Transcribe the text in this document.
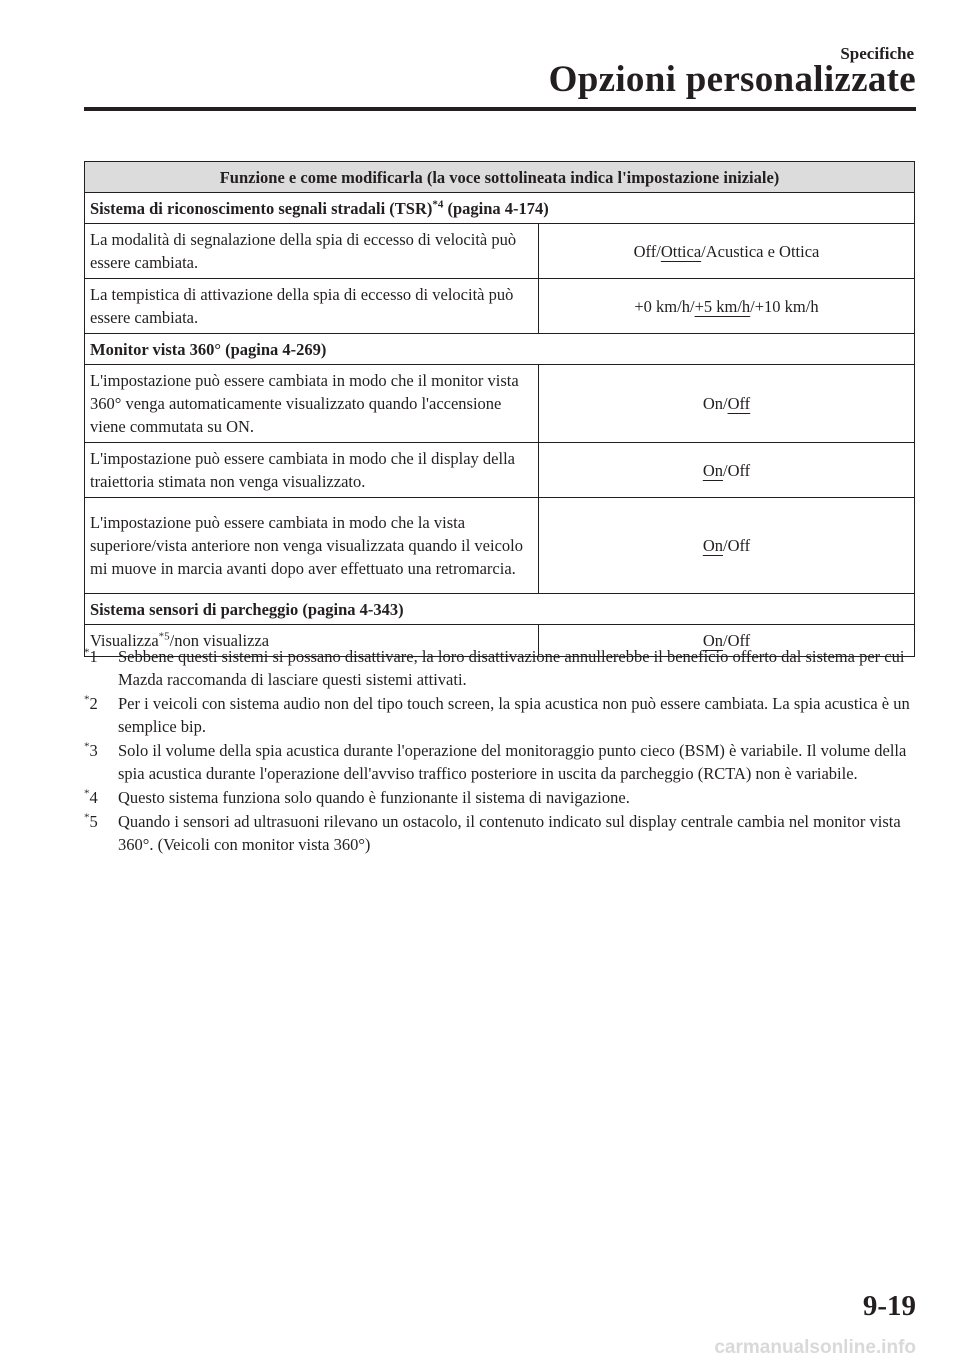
Specifiche
Opzioni personalizzate
Funzione e come modificarla (la voce sottolineata indica l'impostazione iniziale)	
Sistema di riconoscimento segnali stradali (TSR)$^{*4}$ (pagina 4-174)	
La modalità di segnalazione della spia di eccesso di velocità può essere cambiata.	Off/Ottica/Acustica e Ottica
La tempistica di attivazione della spia di eccesso di velocità può essere cambiata.	+0 km/h/+5 km/h/+10 km/h
Monitor vista 360° (pagina 4-269)	
L'impostazione può essere cambiata in modo che il monitor vista 360° venga automaticamente visualizzato quando l'accensione viene commutata su ON.	On/Off
L'impostazione può essere cambiata in modo che il display della traiettoria stimata non venga visualizzato.	On/Off
L'impostazione può essere cambiata in modo che la vista superiore/vista anteriore non venga visualizzata quando il veicolo mi muove in marcia avanti dopo aver effettuato una retromarcia.	On/Off
Sistema sensori di parcheggio (pagina 4-343)	
Visualizza$^{*5}$/non visualizza	On/Off
*1 Sebbene questi sistemi si possano disattivare, la loro disattivazione annullerebbe il beneficio offerto dal sistema per cui Mazda raccomanda di lasciare questi sistemi attivati.
*2 Per i veicoli con sistema audio non del tipo touch screen, la spia acustica non può essere cambiata. La spia acustica è un semplice bip.
*3 Solo il volume della spia acustica durante l'operazione del monitoraggio punto cieco (BSM) è variabile. Il volume della spia acustica durante l'operazione dell'avviso traffico posteriore in uscita da parcheggio (RCTA) non è variabile.
*4 Questo sistema funziona solo quando è funzionante il sistema di navigazione.
*5 Quando i sensori ad ultrasuoni rilevano un ostacolo, il contenuto indicato sul display centrale cambia nel monitor vista 360°. (Veicoli con monitor vista 360°)
9-19
carmanualsonline.info
